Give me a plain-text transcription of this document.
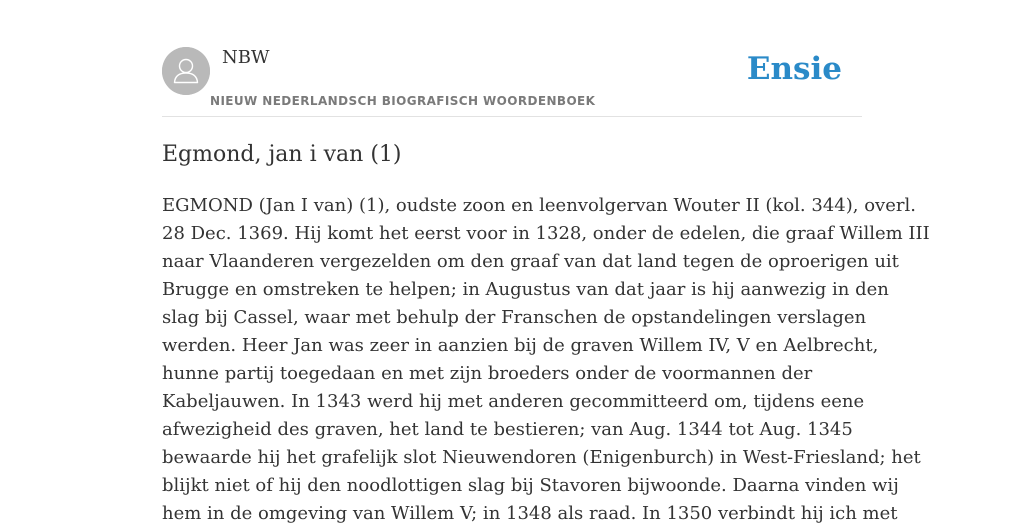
NBW
NIEUW NEDERLANDSCH BIOGRAFISCH WOORDENBOEK
Ensie
Egmond, jan i van (1)
EGMOND (Jan I van) (1), oudste zoon en leenvolgervan Wouter II (kol. 344), overl.
28 Dec. 1369. Hij komt het eerst voor in 1328, onder de edelen, die graaf Willem III
naar Vlaanderen vergezelden om den graaf van dat land tegen de oproerigen uit
Brugge en omstreken te helpen; in Augustus van dat jaar is hij aanwezig in den
slag bij Cassel, waar met behulp der Franschen de opstandelingen verslagen
werden. Heer Jan was zeer in aanzien bij de graven Willem IV, V en Aelbrecht,
hunne partij toegedaan en met zijn broeders onder de voormannen der
Kabeljauwen. In 1343 werd hij met anderen gecommitteerd om, tijdens eene
afwezigheid des graven, het land te bestieren; van Aug. 1344 tot Aug. 1345
bewaarde hij het grafelijk slot Nieuwendoren (Enigenburch) in West-Friesland; het
blijkt niet of hij den noodlottigen slag bij Stavoren bijwoonde. Daarna vinden wij
hem in de omgeving van Willem V; in 1348 als raad. In 1350 verbindt hij ich met
